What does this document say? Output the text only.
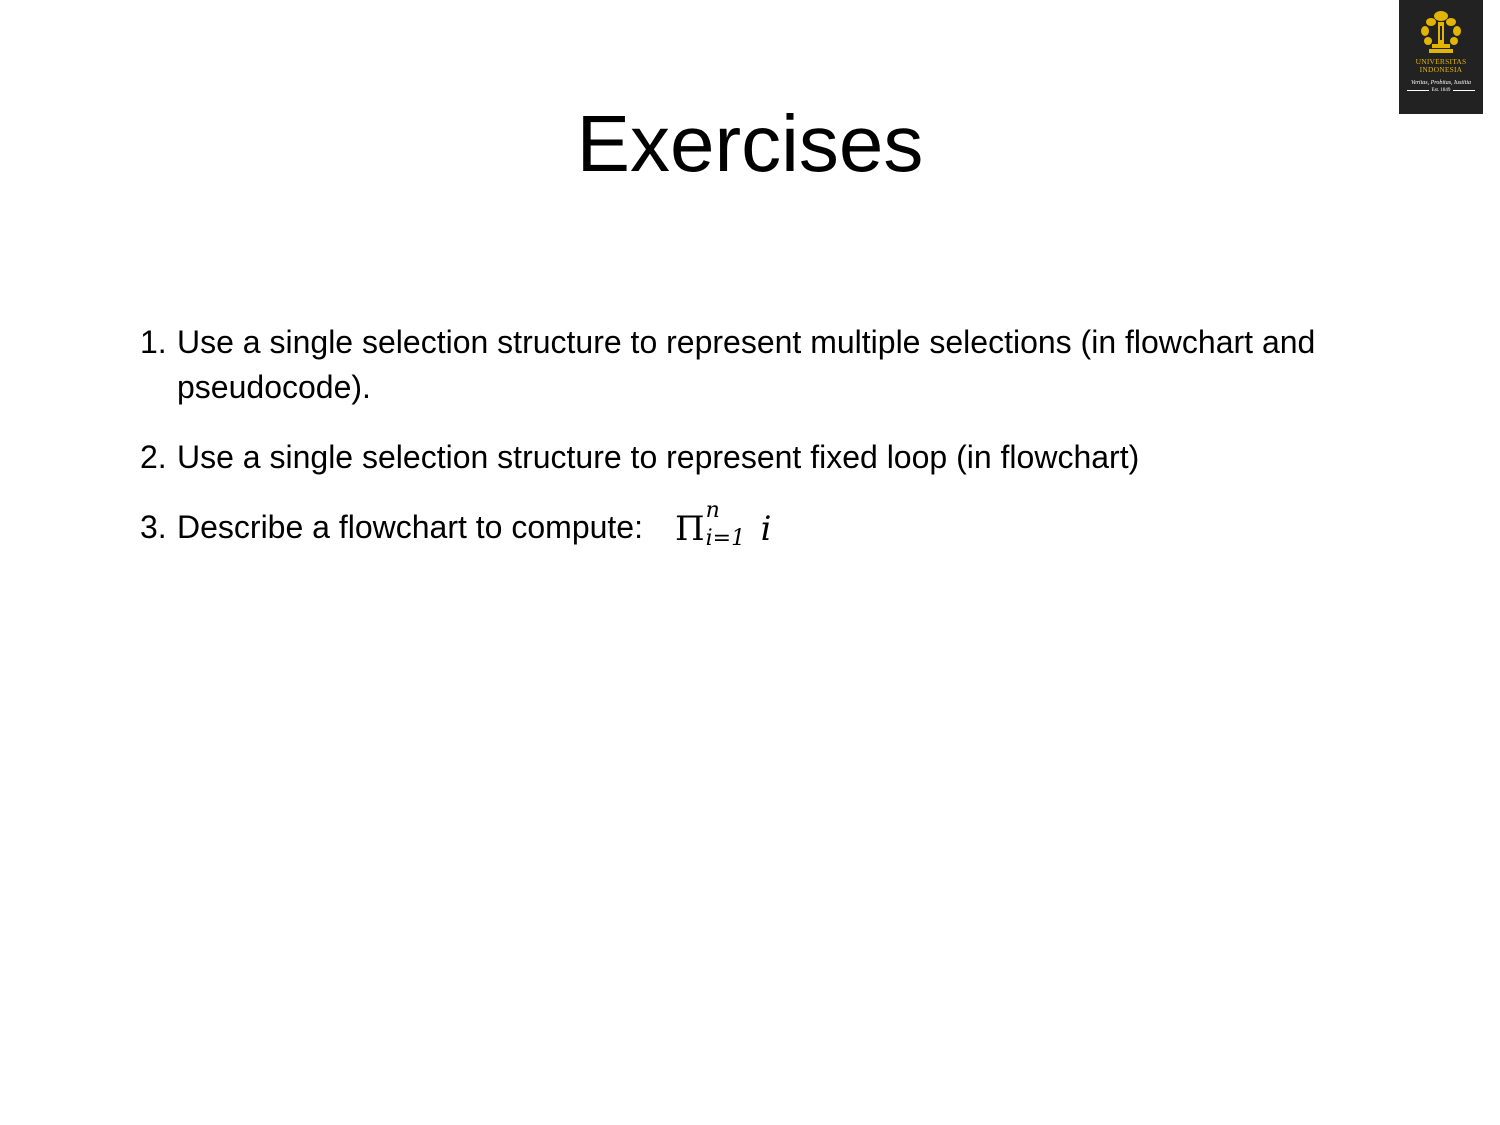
UNIVERSITAS
INDONESIA
Veritas, Probitas, Iustitia
Est. 1849
Exercises
1. Use a single selection structure to represent multiple selections (in flowchart and pseudocode).
2. Use a single selection structure to represent fixed loop (in flowchart)
3. Describe a flowchart to compute: Π n
i=1 i
